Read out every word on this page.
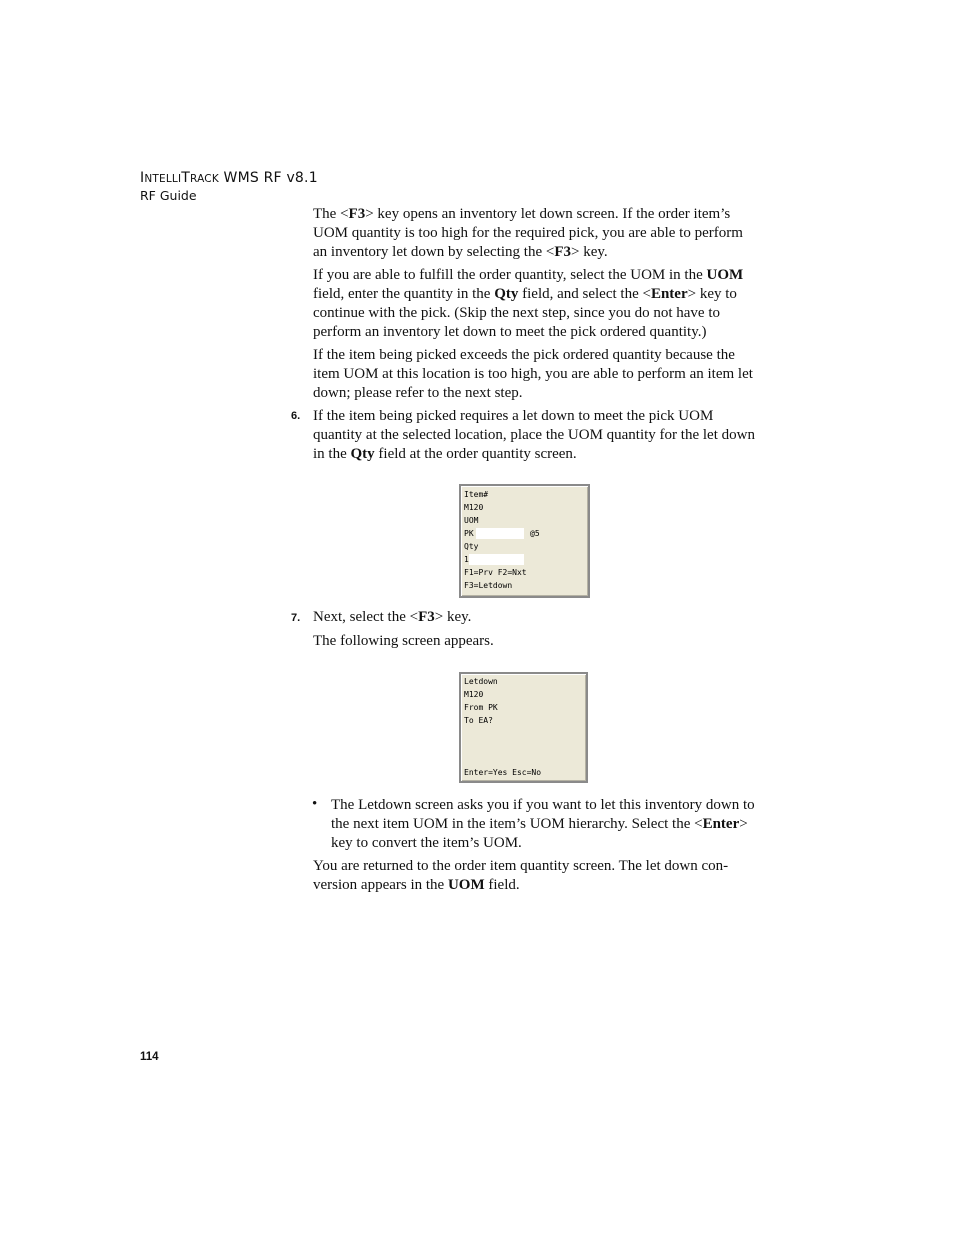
INTELLITRACK WMS RF v8.1
RF Guide
The <F3> key opens an inventory let down screen. If the order item’s UOM quantity is too high for the required pick, you are able to perform an inventory let down by selecting the <F3> key.
If you are able to fulfill the order quantity, select the UOM in the UOM field, enter the quantity in the Qty field, and select the <Enter> key to continue with the pick. (Skip the next step, since you do not have to perform an inventory let down to meet the pick ordered quantity.)
If the item being picked exceeds the pick ordered quantity because the item UOM at this location is too high, you are able to perform an item let down; please refer to the next step.
6. If the item being picked requires a let down to meet the pick UOM quantity at the selected location, place the UOM quantity for the let down in the Qty field at the order quantity screen.
Item#
M120
UOM
PK	@5
Qty
1
F1=Prv F2=Nxt
F3=Letdown
7. Next, select the <F3> key.
The following screen appears.
Letdown
M120
From PK
To EA?
Enter=Yes Esc=No
• The Letdown screen asks you if you want to let this inventory down to the next item UOM in the item’s UOM hierarchy. Select the <Enter> key to convert the item’s UOM.
You are returned to the order item quantity screen. The let down con-version appears in the UOM field.
114
